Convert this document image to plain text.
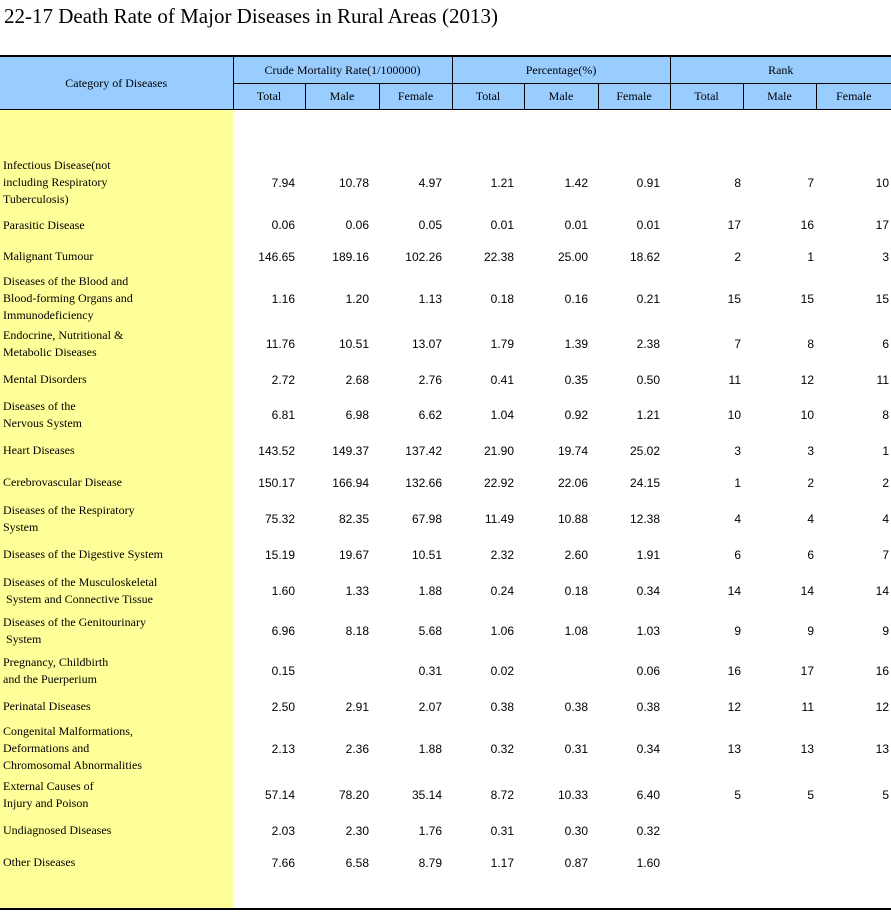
22-17 Death Rate of Major Diseases in Rural Areas (2013)
Category of Diseases	Crude Mortality Rate(1/100000)			Percentage(%)			Rank		
	Total	Male	Female	Total	Male	Female	Total	Male	Female

Infectious Disease(not
including Respiratory
Tuberculosis)	7.94	10.78	4.97	1.21	1.42	0.91	8	7	10

Parasitic Disease	0.06	0.06	0.05	0.01	0.01	0.01	17	16	17

Malignant Tumour	146.65	189.16	102.26	22.38	25.00	18.62	2	1	3

Diseases of the Blood and
Blood-forming Organs and
Immunodeficiency	1.16	1.20	1.13	0.18	0.16	0.21	15	15	15

Endocrine, Nutritional &
Metabolic Diseases	11.76	10.51	13.07	1.79	1.39	2.38	7	8	6

Mental Disorders	2.72	2.68	2.76	0.41	0.35	0.50	11	12	11

Diseases of the
Nervous System	6.81	6.98	6.62	1.04	0.92	1.21	10	10	8

Heart Diseases	143.52	149.37	137.42	21.90	19.74	25.02	3	3	1

Cerebrovascular Disease	150.17	166.94	132.66	22.92	22.06	24.15	1	2	2

Diseases of the Respiratory
System	75.32	82.35	67.98	11.49	10.88	12.38	4	4	4

Diseases of the Digestive System	15.19	19.67	10.51	2.32	2.60	1.91	6	6	7

Diseases of the Musculoskeletal
System and Connective Tissue	1.60	1.33	1.88	0.24	0.18	0.34	14	14	14

Diseases of the Genitourinary
System	6.96	8.18	5.68	1.06	1.08	1.03	9	9	9

Pregnancy, Childbirth
and the Puerperium	0.15		0.31	0.02		0.06	16	17	16

Perinatal Diseases	2.50	2.91	2.07	0.38	0.38	0.38	12	11	12

Congenital Malformations,
Deformations and
Chromosomal Abnormalities	2.13	2.36	1.88	0.32	0.31	0.34	13	13	13

External Causes of
Injury and Poison	57.14	78.20	35.14	8.72	10.33	6.40	5	5	5

Undiagnosed Diseases	2.03	2.30	1.76	0.31	0.30	0.32			

Other Diseases	7.66	6.58	8.79	1.17	0.87	1.60			
